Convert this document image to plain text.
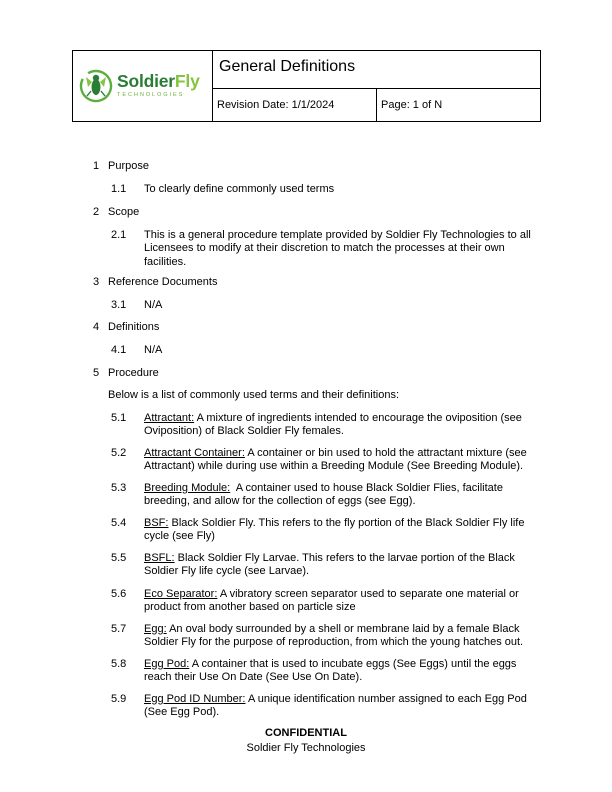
SoldierFly
TECHNOLOGIES	General Definitions	

	Revision Date: 1/1/2024	Page: 1 of N
1 Purpose
1.1 To clearly define commonly used terms
2 Scope
2.1 This is a general procedure template provided by Soldier Fly Technologies to all Licensees to modify at their discretion to match the processes at their own facilities.
3 Reference Documents
3.1 N/A
4 Definitions
4.1 N/A
5 Procedure
Below is a list of commonly used terms and their definitions:
5.1 Attractant: A mixture of ingredients intended to encourage the oviposition (see Oviposition) of Black Soldier Fly females.
5.2 Attractant Container: A container or bin used to hold the attractant mixture (see Attractant) while during use within a Breeding Module (See Breeding Module).
5.3 Breeding Module:  A container used to house Black Soldier Flies, facilitate breeding, and allow for the collection of eggs (see Egg).
5.4 BSF: Black Soldier Fly. This refers to the fly portion of the Black Soldier Fly life cycle (see Fly)
5.5 BSFL: Black Soldier Fly Larvae. This refers to the larvae portion of the Black Soldier Fly life cycle (see Larvae).
5.6 Eco Separator: A vibratory screen separator used to separate one material or product from another based on particle size
5.7 Egg: An oval body surrounded by a shell or membrane laid by a female Black Soldier Fly for the purpose of reproduction, from which the young hatches out.
5.8 Egg Pod: A container that is used to incubate eggs (See Eggs) until the eggs reach their Use On Date (See Use On Date).
5.9 Egg Pod ID Number: A unique identification number assigned to each Egg Pod (See Egg Pod).
CONFIDENTIAL
Soldier Fly Technologies
